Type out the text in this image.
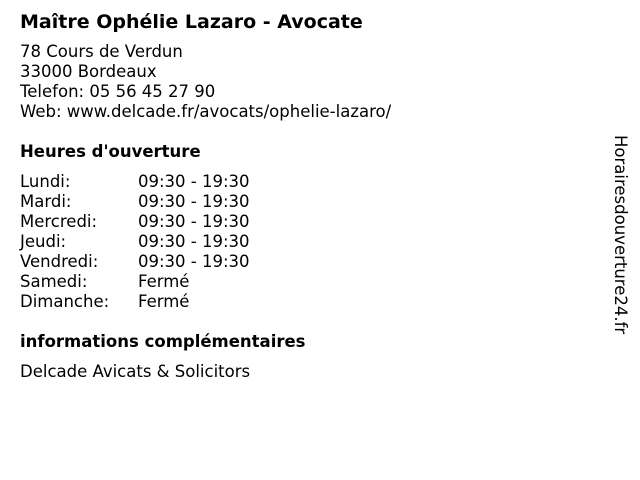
Maître Ophélie Lazaro - Avocate
78 Cours de Verdun
33000 Bordeaux
Telefon: 05 56 45 27 90
Web: www.delcade.fr/avocats/ophelie-lazaro/
Heures d'ouverture
Lundi:	09:30 - 19:30
Mardi:	09:30 - 19:30
Mercredi:	09:30 - 19:30
Jeudi:	09:30 - 19:30
Vendredi:	09:30 - 19:30
Samedi:	Fermé
Dimanche:	Fermé
informations complémentaires
Delcade Avicats & Solicitors
Horairesdouverture24.fr
